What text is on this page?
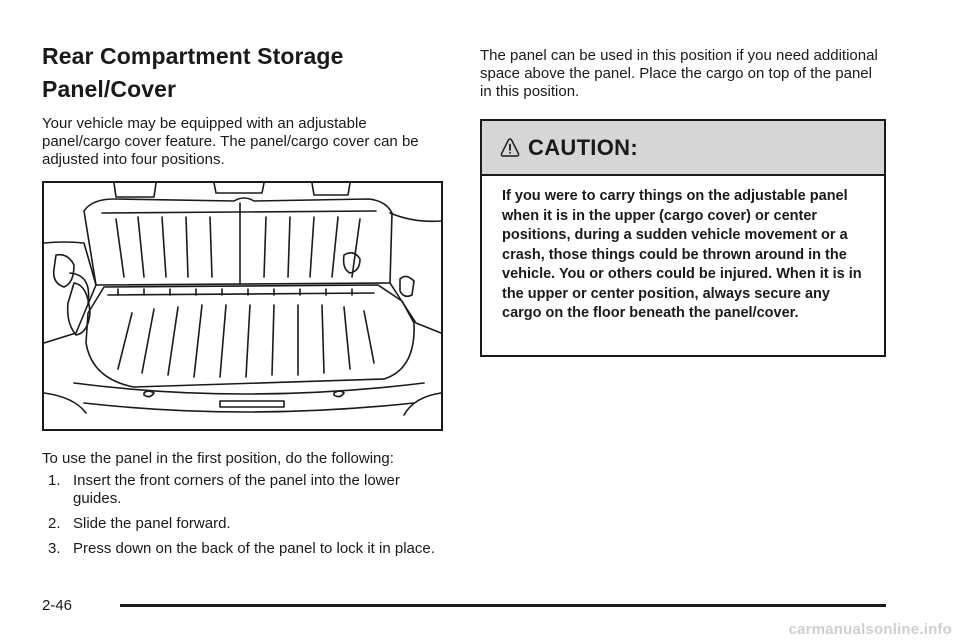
Rear Compartment Storage
Panel/Cover

Your vehicle may be equipped with an adjustable panel/cargo cover feature. The panel/cargo cover can be adjusted into four positions.

To use the panel in the first position, do the following:

1. Insert the front corners of the panel into the lower guides.
2. Slide the panel forward.
3. Press down on the back of the panel to lock it in place.

The panel can be used in this position if you need additional space above the panel. Place the cargo on top of the panel in this position.

CAUTION:
If you were to carry things on the adjustable panel when it is in the upper (cargo cover) or center positions, during a sudden vehicle movement or a crash, those things could be thrown around in the vehicle. You or others could be injured. When it is in the upper or center position, always secure any cargo on the floor beneath the panel/cover.
2-46
carmanualsonline.info
